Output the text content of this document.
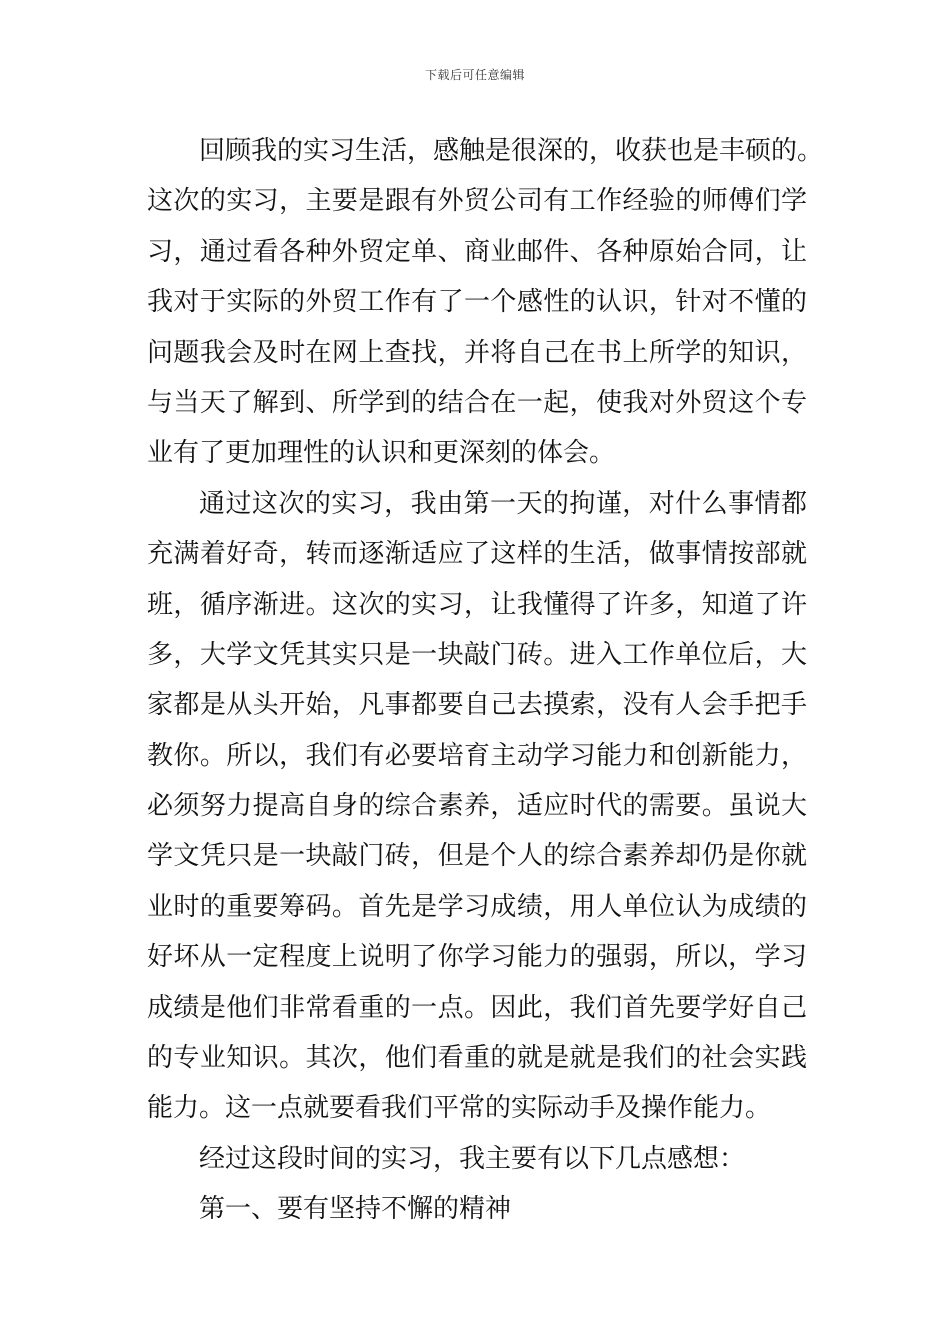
下载后可任意编辑
回顾我的实习生活，感触是很深的，收获也是丰硕的。
这次的实习，主要是跟有外贸公司有工作经验的师傅们学
习，通过看各种外贸定单、商业邮件、各种原始合同，让
我对于实际的外贸工作有了一个感性的认识，针对不懂的
问题我会及时在网上查找，并将自己在书上所学的知识，
与当天了解到、所学到的结合在一起，使我对外贸这个专
业有了更加理性的认识和更深刻的体会。
通过这次的实习，我由第一天的拘谨，对什么事情都
充满着好奇，转而逐渐适应了这样的生活，做事情按部就
班，循序渐进。这次的实习，让我懂得了许多，知道了许
多，大学文凭其实只是一块敲门砖。进入工作单位后，大
家都是从头开始，凡事都要自己去摸索，没有人会手把手
教你。所以，我们有必要培育主动学习能力和创新能力，
必须努力提高自身的综合素养，适应时代的需要。虽说大
学文凭只是一块敲门砖，但是个人的综合素养却仍是你就
业时的重要筹码。首先是学习成绩，用人单位认为成绩的
好坏从一定程度上说明了你学习能力的强弱，所以，学习
成绩是他们非常看重的一点。因此，我们首先要学好自己
的专业知识。其次，他们看重的就是就是我们的社会实践
能力。这一点就要看我们平常的实际动手及操作能力。
经过这段时间的实习，我主要有以下几点感想：
第一、要有坚持不懈的精神
